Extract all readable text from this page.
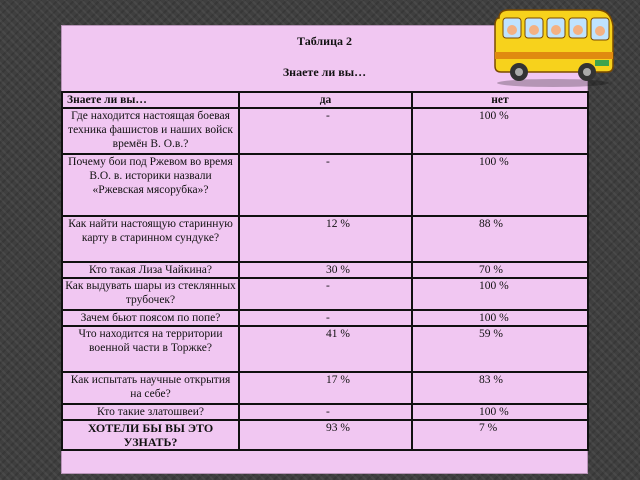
Таблица 2
Знаете ли вы…
Знаете ли вы…	да	нет
Где находится настоящая боевая техника фашистов и наших войск времён В. О.в.?	-	100 %
Почему бои под Ржевом во время В.О. в. историки назвали «Ржевская мясорубка»?	-	100 %
Как найти настоящую старинную карту в старинном сундуке?	12 %	88 %
Кто такая Лиза Чайкина?	30 %	70 %
Как выдувать шары из стеклянных трубочек?	-	100 %
Зачем бьют поясом по попе?	-	100 %
Что находится на территории военной части в Торжке?	41 %	59 %
Как испытать научные открытия на себе?	17 %	83 %
Кто такие златошвеи?	-	100 %
ХОТЕЛИ БЫ ВЫ ЭТО УЗНАТЬ?	93 %	7 %
